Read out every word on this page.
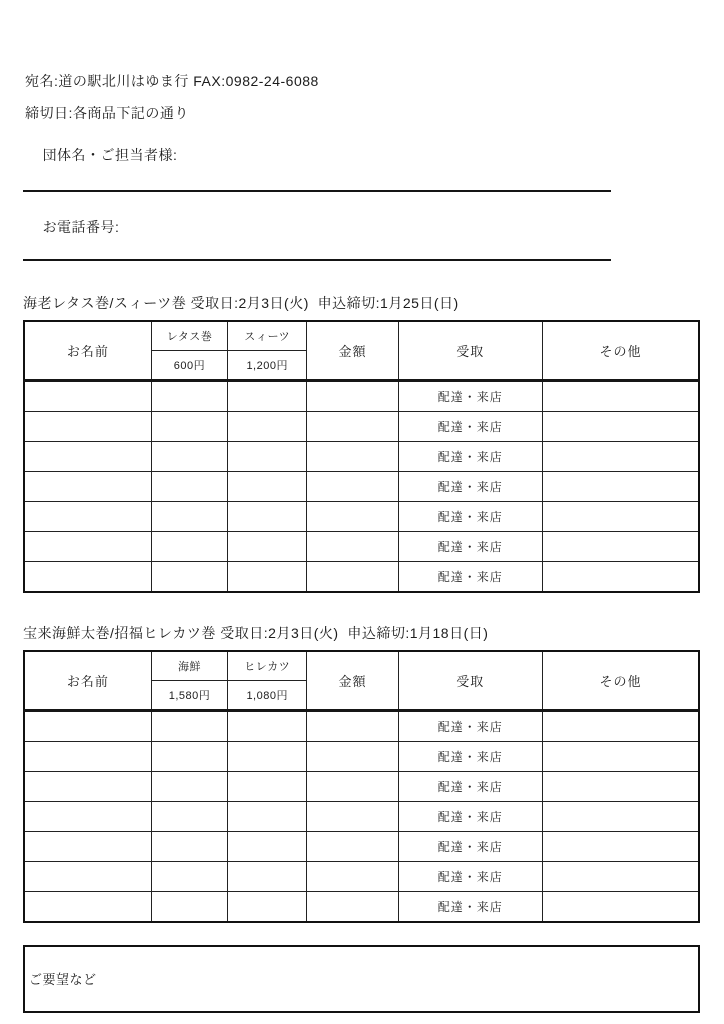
宛名:道の駅北川はゆま行 FAX:0982-24-6088
締切日:各商品下記の通り

団体名・ご担当者様:

お電話番号:

海老レタス巻/スィーツ巻 受取日:2月3日(火)  申込締切:1月25日(日)
お名前	レタス巻	スィーツ	金額	受取	その他
	600円	1,200円			
				配達・来店	
				配達・来店	
				配達・来店	
				配達・来店	
				配達・来店	
				配達・来店	
				配達・来店	
宝来海鮮太巻/招福ヒレカツ巻 受取日:2月3日(火)  申込締切:1月18日(日)
お名前	海鮮	ヒレカツ	金額	受取	その他
	1,580円	1,080円			
				配達・来店	
				配達・来店	
				配達・来店	
				配達・来店	
				配達・来店	
				配達・来店	
				配達・来店	
ご要望など
